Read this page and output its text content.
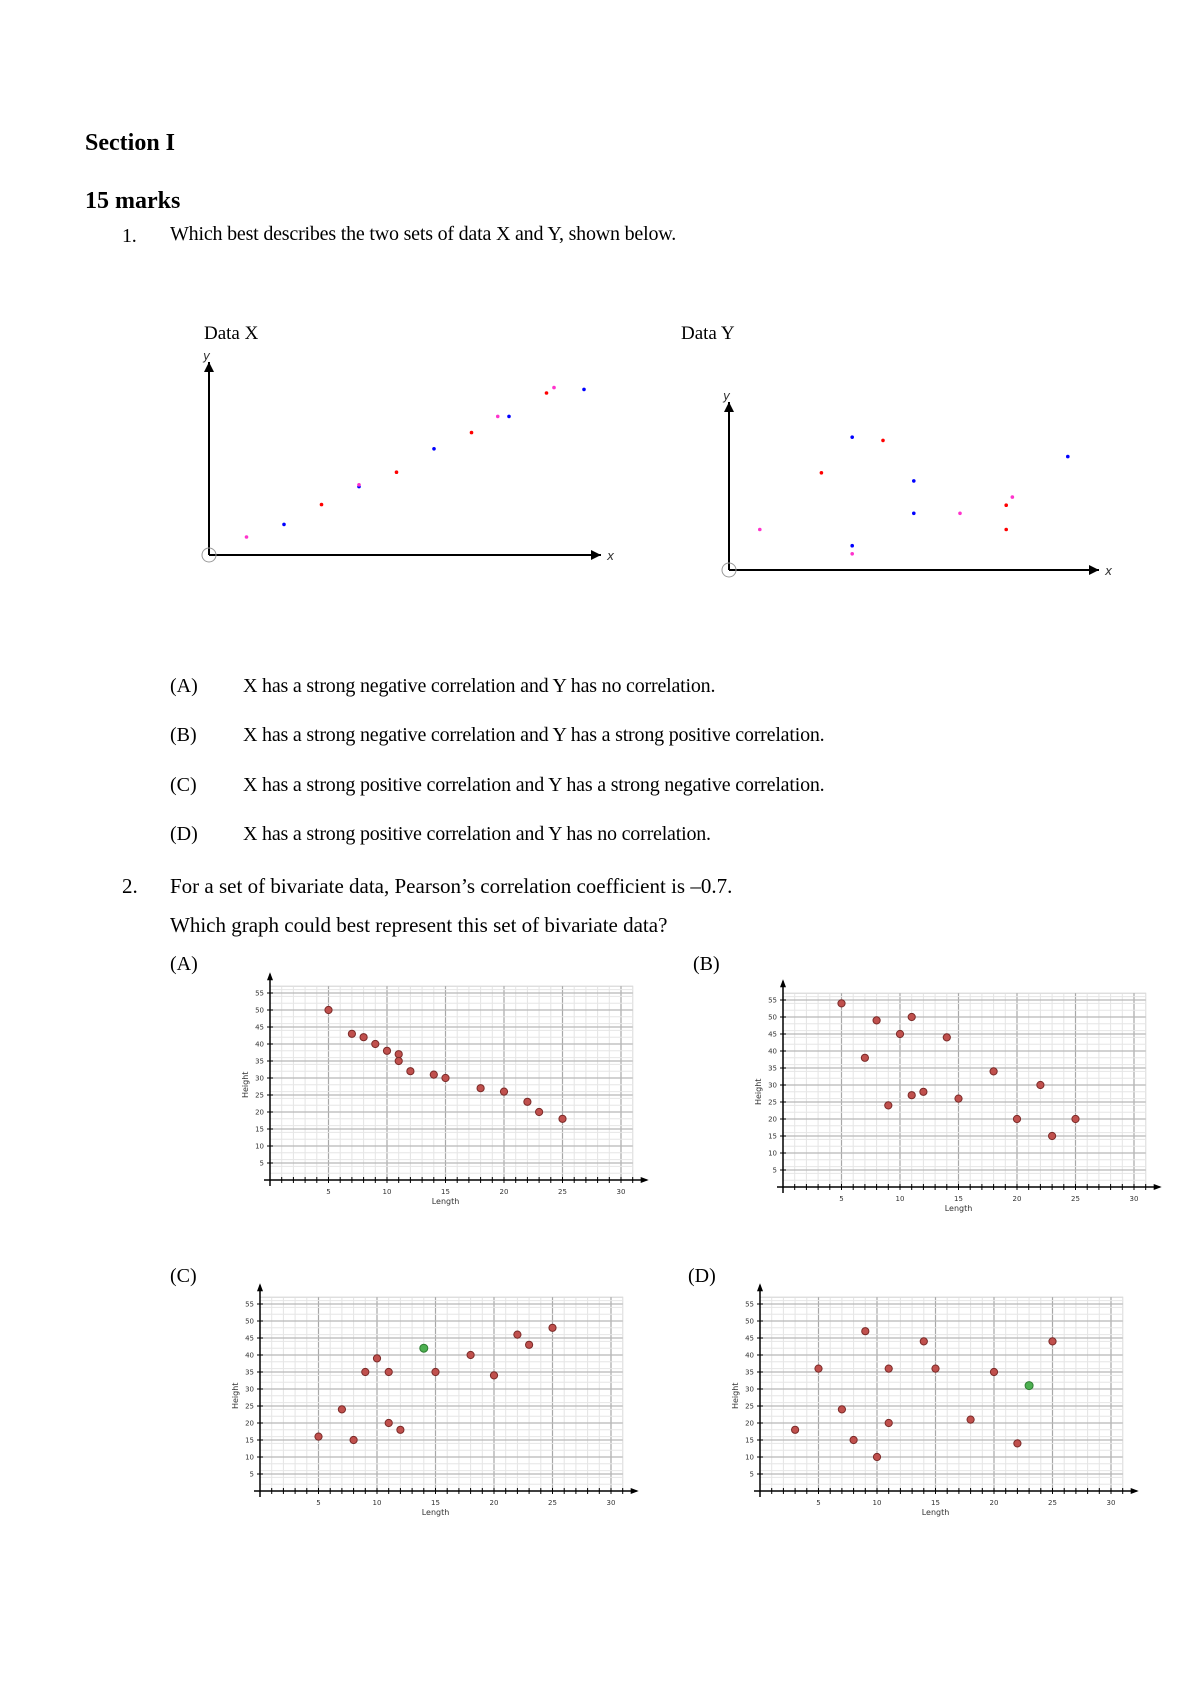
Section I
15 marks
1. Which best describes the two sets of data X and Y, shown below.
Data X	Data Y
y
x
y
x
(A) X has a strong negative correlation and Y has no correlation.
(B) X has a strong negative correlation and Y has a strong positive correlation.
(C) X has a strong positive correlation and Y has a strong negative correlation.
(D) X has a strong positive correlation and Y has no correlation.
2. For a set of bivariate data, Pearson’s correlation coefficient is –0.7.
Which graph could best represent this set of bivariate data?
(A)	(B)
(C)	(D)
5	10	15	20	25	30
5
10
15
20
25
30
35
40
45
50
55
Length
Height
5	10	15	20	25	30
5
10
15
20
25
30
35
40
45
50
55
Length
Height
5	10	15	20	25	30
5
10
15
20
25
30
35
40
45
50
55
Length
Height
5	10	15	20	25	30
5
10
15
20
25
30
35
40
45
50
55
Length
Height
